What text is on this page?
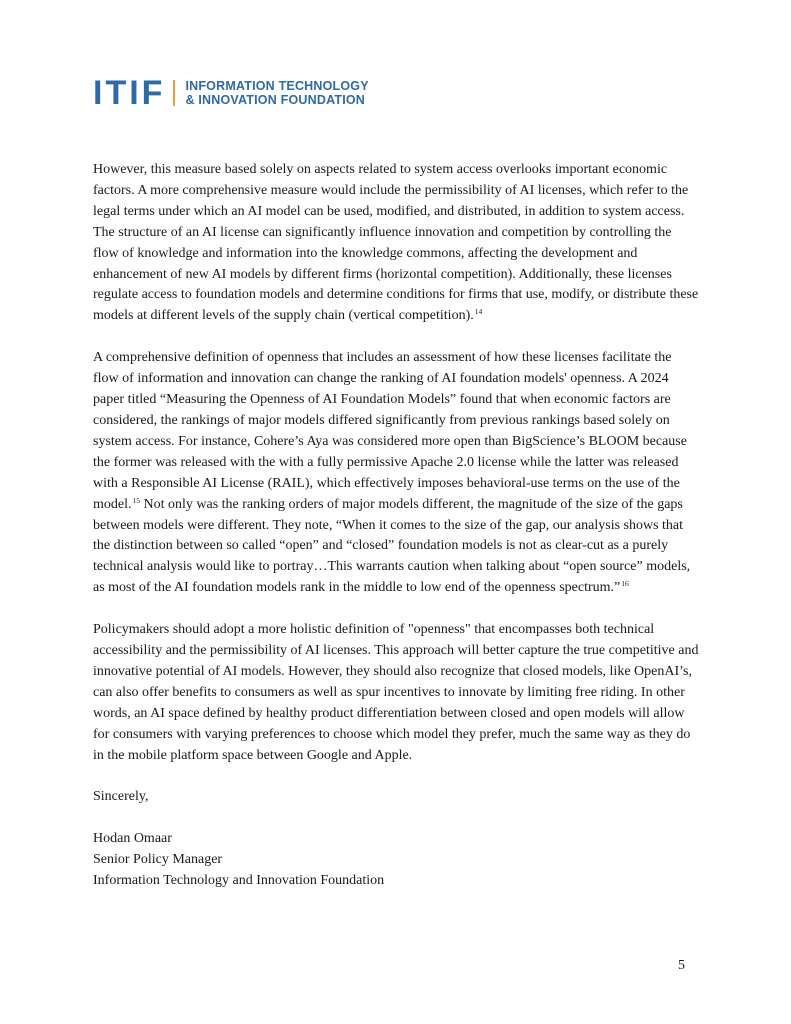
ITIF INFORMATION TECHNOLOGY
& INNOVATION FOUNDATION

However, this measure based solely on aspects related to system access overlooks important economic factors. A more comprehensive measure would include the permissibility of AI licenses, which refer to the legal terms under which an AI model can be used, modified, and distributed, in addition to system access.

The structure of an AI license can significantly influence innovation and competition by controlling the flow of knowledge and information into the knowledge commons, affecting the development and enhancement of new AI models by different firms (horizontal competition). Additionally, these licenses regulate access to foundation models and determine conditions for firms that use, modify, or distribute these models at different levels of the supply chain (vertical competition).$^{14}$

A comprehensive definition of openness that includes an assessment of how these licenses facilitate the flow of information and innovation can change the ranking of AI foundation models' openness. A 2024 paper titled “Measuring the Openness of AI Foundation Models” found that when economic factors are considered, the rankings of major models differed significantly from previous rankings based solely on system access. For instance, Cohere’s Aya was considered more open than BigScience’s BLOOM because the former was released with the with a fully permissive Apache 2.0 license while the latter was released with a Responsible AI License (RAIL), which effectively imposes behavioral-use terms on the use of the model.$^{15}$ Not only was the ranking orders of major models different, the magnitude of the size of the gaps between models were different. They note, “When it comes to the size of the gap, our analysis shows that the distinction between so called “open” and “closed” foundation models is not as clear-cut as a purely technical analysis would like to portray…This warrants caution when talking about “open source” models, as most of the AI foundation models rank in the middle to low end of the openness spectrum.”$^{16}$

Policymakers should adopt a more holistic definition of "openness" that encompasses both technical accessibility and the permissibility of AI licenses. This approach will better capture the true competitive and innovative potential of AI models. However, they should also recognize that closed models, like OpenAI’s, can also offer benefits to consumers as well as spur incentives to innovate by limiting free riding. In other words, an AI space defined by healthy product differentiation between closed and open models will allow for consumers with varying preferences to choose which model they prefer, much the same way as they do in the mobile platform space between Google and Apple.

Sincerely,

Hodan Omaar

Senior Policy Manager

Information Technology and Innovation Foundation

5
